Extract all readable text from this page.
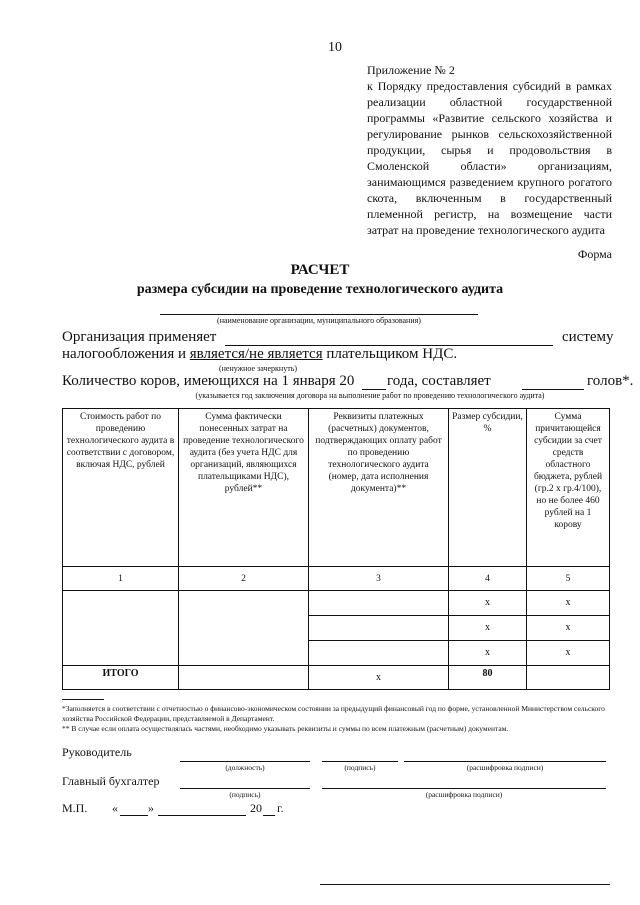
10
Приложение № 2
к Порядку предоставления субсидий в рамках реализации областной государственной программы «Развитие сельского хозяйства и регулирование рынков сельскохозяйственной продукции, сырья и продовольствия в Смоленской области» организациям, занимающимся разведением крупного рогатого скота, включенным в государственный племенной регистр, на возмещение части затрат на проведение технологического аудита
Форма
РАСЧЕТ
размера субсидии на проведение технологического аудита
(наименование организации, муниципального образования)
Организация применяет	систему
налогообложения и является/не является плательщиком НДС.
(ненужное зачеркнуть)
Количество коров, имеющихся на 1 января 20 года, составляет	голов*.
(указывается год заключения договора на выполнение работ по проведению технологического аудита)
Стоимость работ по проведению технологического аудита в соответствии с договором, включая НДС, рублей	Сумма фактически понесенных затрат на проведение технологического аудита (без учета НДС для организаций, являющихся плательщиками НДС), рублей**	Реквизиты платежных (расчетных) документов, подтверждающих оплату работ по проведению технологического аудита (номер, дата исполнения документа)**	Размер субсидии, %	Сумма причитающейся субсидии за счет средств областного бюджета, рублей (гр.2 x гр.4/100), но не более 460 рублей на 1 корову
1	2	3	4	5
			x	x
			x	x
			x	x
ИТОГО		x	80	
*Заполняется в соответствии с отчетностью о финансово-экономическом состоянии за предыдущий финансовый год по форме, установленной Министерством сельского хозяйства Российской Федерации, представляемой в Департамент.
** В случае если оплата осуществлялась частями, необходимо указывать реквизиты и суммы по всем платежным (расчетным) документам.
Руководитель
(должность)	(подпись)	(расшифровка подписи)
Главный бухгалтер
(подпись)	(расшифровка подписи)
М.П. «	»	20 г.
